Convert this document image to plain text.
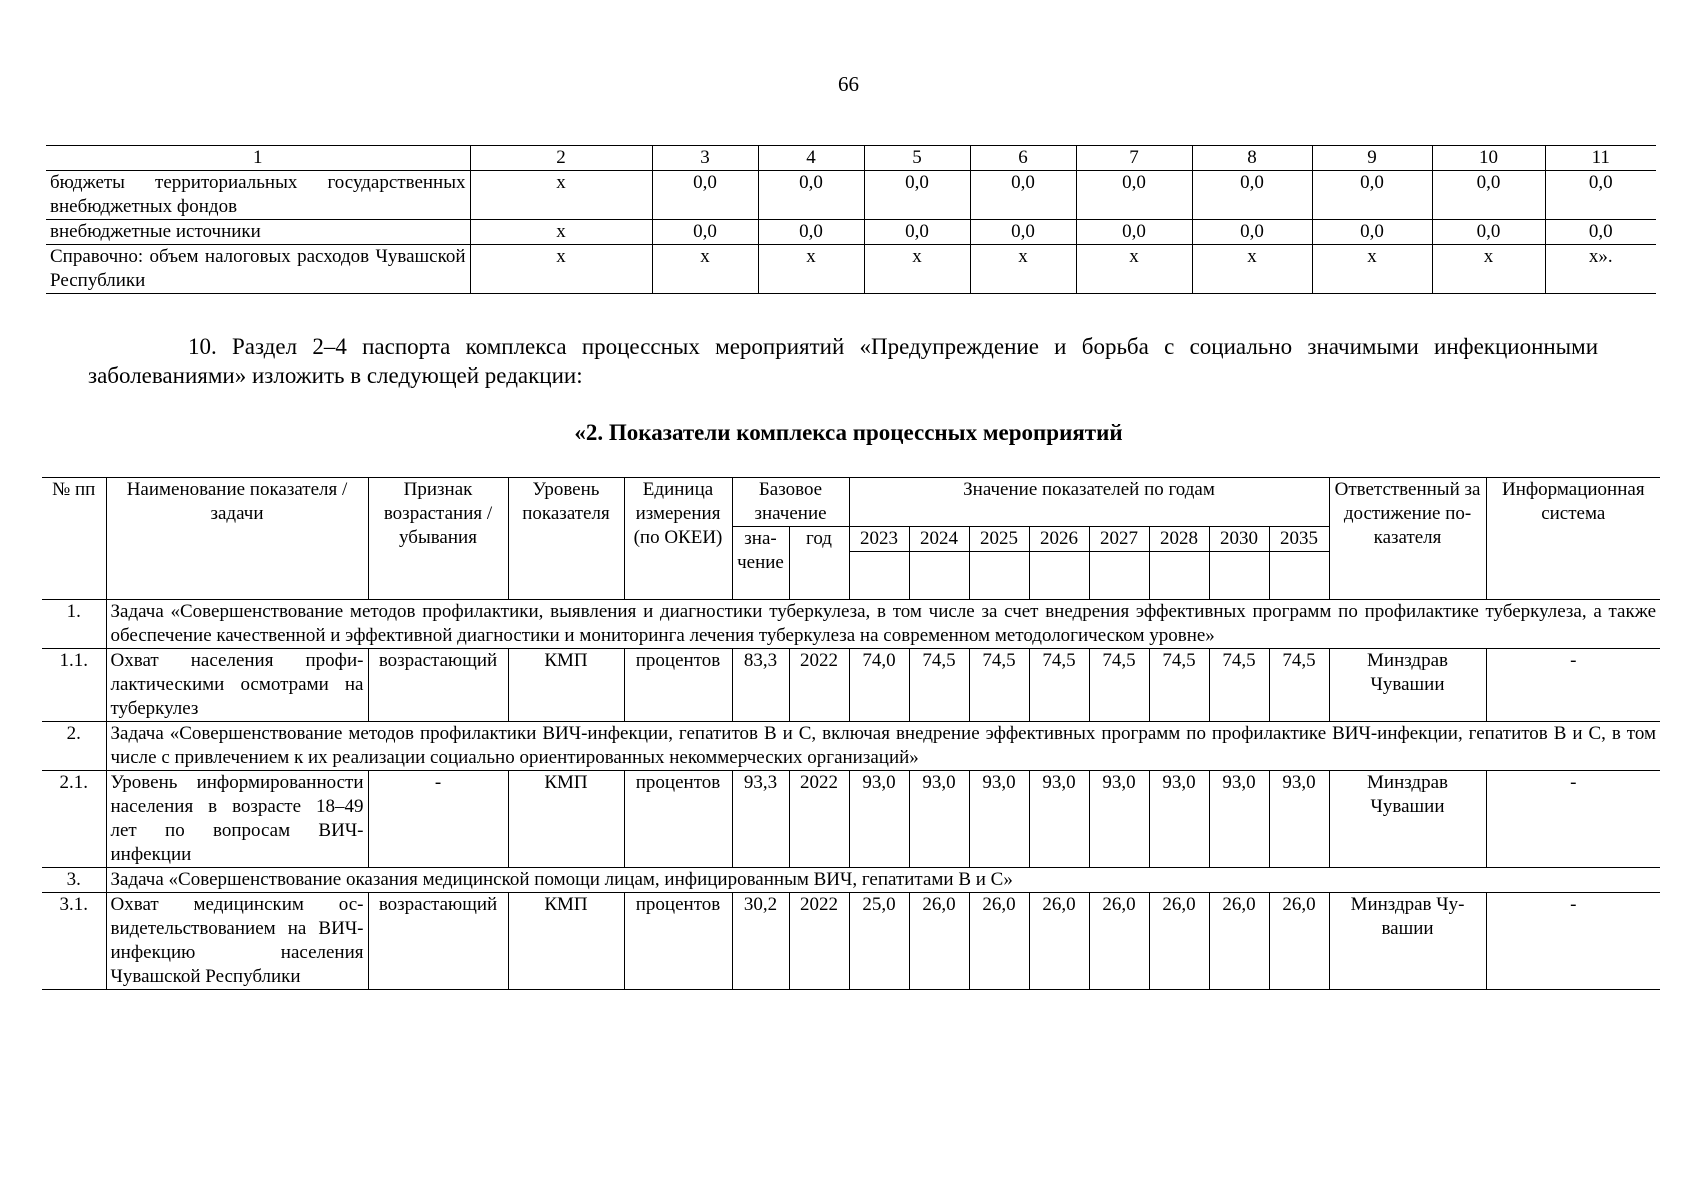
66
1	2	3	4	5	6	7	8	9	10	11
бюджеты территориальных государственных внебюджетных фондов	х	0,0	0,0	0,0	0,0	0,0	0,0	0,0	0,0	0,0
внебюджетные источники	х	0,0	0,0	0,0	0,0	0,0	0,0	0,0	0,0	0,0
Справочно: объем налоговых расходов Чувашской Республики	х	х	х	х	х	х	х	х	х	х».
10. Раздел 2–4 паспорта комплекса процессных мероприятий «Предупреждение и борьба с социально значимыми инфекционными заболеваниями» изложить в следующей редакции:
«2. Показатели комплекса процессных мероприятий
№ пп	Наименование показателя / задачи	Признак возрастания / убывания	Уровень показателя	Единица измерения (по ОКЕИ)	Базовое значение		Значение показателей по годам								Ответственный за достижение показателя	Информационная система
					значение	год	2023	2024	2025	2026	2027	2028	2030	2035		

1.	Задача «Совершенствование методов профилактики, выявления и диагностики туберкулеза, в том числе за счет внедрения эффективных программ по профилактике туберкулеза, а также обеспечение качественной и эффективной диагностики и мониторинга лечения туберкулеза на современном методологическом уровне»															
1.1.	Охват населения профилактическими осмотрами на туберкулез	возрастающий	КМП	процентов	83,3	2022	74,0	74,5	74,5	74,5	74,5	74,5	74,5	74,5	Минздрав Чувашии	-
2.	Задача «Совершенствование методов профилактики ВИЧ-инфекции, гепатитов B и C, включая внедрение эффективных программ по профилактике ВИЧ-инфекции, гепатитов B и C, в том числе с привлечением к их реализации социально ориентированных некоммерческих организаций»															
2.1.	Уровень информированности населения в возрасте 18–49 лет по вопросам ВИЧ-инфекции	-	КМП	процентов	93,3	2022	93,0	93,0	93,0	93,0	93,0	93,0	93,0	93,0	Минздрав Чувашии	-
3.	Задача «Совершенствование оказания медицинской помощи лицам, инфицированным ВИЧ, гепатитами B и C»															
3.1.	Охват медицинским освидетельствованием на ВИЧ-инфекцию населения Чувашской Республики	возрастающий	КМП	процентов	30,2	2022	25,0	26,0	26,0	26,0	26,0	26,0	26,0	26,0	Минздрав Чувашии	-
